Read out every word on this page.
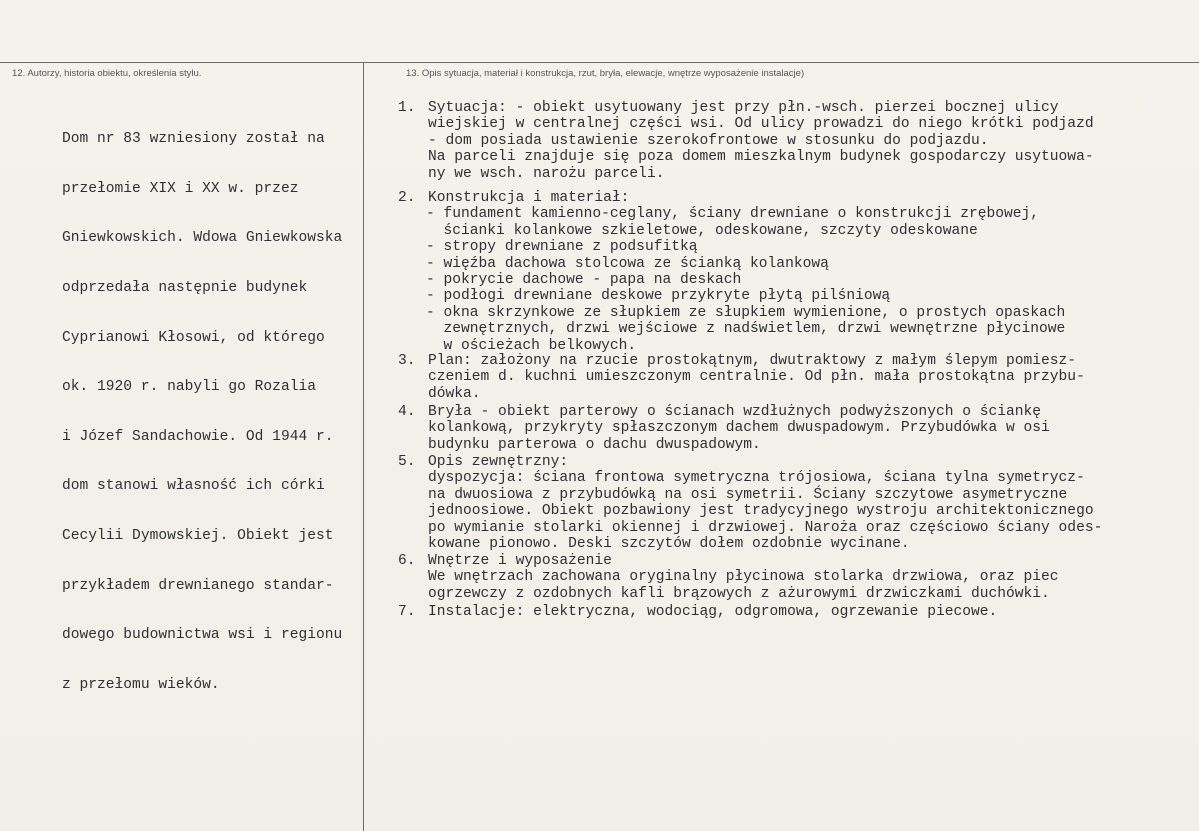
12. Autorzy, historia obiektu, określenia stylu.	13. Opis sytuacja, materiał i konstrukcja, rzut, bryła, elewacje, wnętrze wyposażenie instalacje)

Dom nr 83 wzniesiony został na

przełomie XIX i XX w. przez

Gniewkowskich. Wdowa Gniewkowska

odprzedała następnie budynek

Cyprianowi Kłosowi, od którego

ok. 1920 r. nabyli go Rozalia

i Józef Sandachowie. Od 1944 r.

dom stanowi własność ich córki

Cecylii Dymowskiej. Obiekt jest

przykładem drewnianego standar-

dowego budownictwa wsi i regionu

z przełomu wieków.

1. Sytuacja: - obiekt usytuowany jest przy płn.-wsch. pierzei bocznej ulicy
wiejskiej w centralnej części wsi. Od ulicy prowadzi do niego krótki podjazd
- dom posiada ustawienie szerokofrontowe w stosunku do podjazdu.
Na parceli znajduje się poza domem mieszkalnym budynek gospodarczy usytuowa-
ny we wsch. narożu parceli.
2. Konstrukcja i materiał:
- fundament kamienno-ceglany, ściany drewniane o konstrukcji zrębowej,
ścianki kolankowe szkieletowe, odeskowane, szczyty odeskowane
- stropy drewniane z podsufitką
- więźba dachowa stolcowa ze ścianką kolankową
- pokrycie dachowe - papa na deskach
- podłogi drewniane deskowe przykryte płytą pilśniową
- okna skrzynkowe ze słupkiem ze słupkiem wymienione, o prostych opaskach
zewnętrznych, drzwi wejściowe z nadświetlem, drzwi wewnętrzne płycinowe
w ościeżach belkowych.
3. Plan: założony na rzucie prostokątnym, dwutraktowy z małym ślepym pomiesz-
czeniem d. kuchni umieszczonym centralnie. Od płn. mała prostokątna przybu-
dówka.
4. Bryła - obiekt parterowy o ścianach wzdłużnych podwyższonych o ściankę
kolankową, przykryty spłaszczonym dachem dwuspadowym. Przybudówka w osi
budynku parterowa o dachu dwuspadowym.
5. Opis zewnętrzny:
dyspozycja: ściana frontowa symetryczna trójosiowa, ściana tylna symetrycz-
na dwuosiowa z przybudówką na osi symetrii. Ściany szczytowe asymetryczne
jednoosiowe. Obiekt pozbawiony jest tradycyjnego wystroju architektonicznego
po wymianie stolarki okiennej i drzwiowej. Naroża oraz częściowo ściany odes-
kowane pionowo. Deski szczytów dołem ozdobnie wycinane.
6. Wnętrze i wyposażenie
We wnętrzach zachowana oryginalny płycinowa stolarka drzwiowa, oraz piec
ogrzewczy z ozdobnych kafli brązowych z ażurowymi drzwiczkami duchówki.
7. Instalacje: elektryczna, wodociąg, odgromowa, ogrzewanie piecowe.
